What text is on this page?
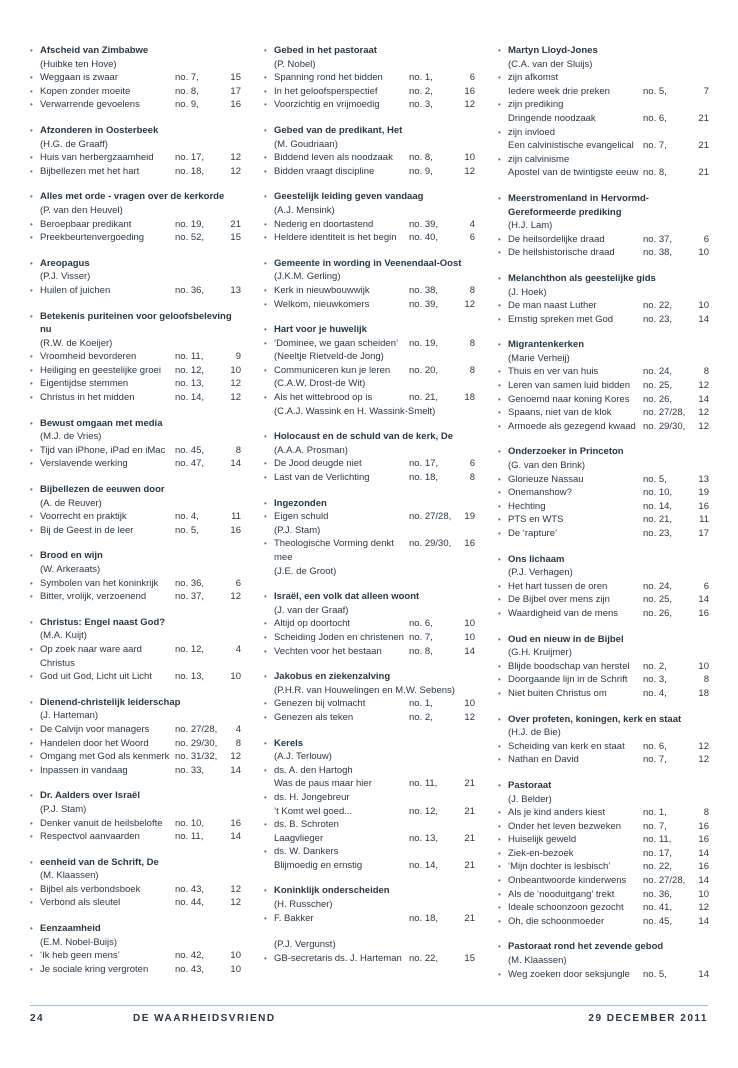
• Afscheid van Zimbabwe
(Huibke ten Hove)
• Weggaan is zwaar	no. 7,	15
• Kopen zonder moeite	no. 8,	17
• Verwarrende gevoelens	no. 9,	16
• Afzonderen in Oosterbeek
(H.G. de Graaff)
• Huis van herbergzaamheid	no. 17,	12
• Bijbellezen met het hart	no. 18,	12
• Alles met orde - vragen over de kerkorde
(P. van den Heuvel)
• Beroepbaar predikant	no. 19,	21
• Preekbeurtenvergoeding	no. 52,	15
• Areopagus
(P.J. Visser)
• Huilen of juichen	no. 36,	13
• Betekenis puriteinen voor geloofsbeleving nu
(R.W. de Koeijer)
• Vroomheid bevorderen	no. 11,	9
• Heiliging en geestelijke groei	no. 12,	10
• Eigentijdse stemmen	no. 13,	12
• Christus in het midden	no. 14,	12
• Bewust omgaan met media
(M.J. de Vries)
• Tijd van iPhone, iPad en iMac	no. 45,	8
• Verslavende werking	no. 47,	14
• Bijbellezen de eeuwen door
(A. de Reuver)
• Voorrecht en praktijk	no. 4,	11
• Bij de Geest in de leer	no. 5,	16
• Brood en wijn
(W. Arkeraats)
• Symbolen van het koninkrijk	no. 36,	6
• Bitter, vrolijk, verzoenend	no. 37,	12
• Christus: Engel naast God?
(M.A. Kuijt)
• Op zoek naar ware aard Christus
no. 12,	4
• God uit God, Licht uit Licht	no. 13,	10
• Dienend-christelijk leiderschap
(J. Harteman)
• De Calvijn voor managers	no. 27/28,	4
• Handelen door het Woord	no. 29/30,	8
• Omgang met God als kenmerk no. 31/32,	12
• Inpassen in vandaag	no. 33,	14
• Dr. Aalders over Israël
(P.J. Stam)
• Denker vanuit de heilsbelofte	no. 10,	16
• Respectvol aanvaarden	no. 11,	14
• eenheid van de Schrift, De
(M. Klaassen)
• Bijbel als verbondsboek	no. 43,	12
• Verbond als sleutel	no. 44,	12
• Eenzaamheid
(E.M. Nobel-Buijs)
• ‘Ik heb geen mens’	no. 42,	10
• Je sociale kring vergroten	no. 43,	10
• Gebed in het pastoraat
(P. Nobel)
• Spanning rond het bidden	no. 1,	6
• In het geloofsperspectief	no. 2,	16
• Voorzichtig en vrijmoedig	no. 3,	12
• Gebed van de predikant, Het
(M. Goudriaan)
• Biddend leven als noodzaak	no. 8,	10
• Bidden vraagt discipline	no. 9,	12
• Geestelijk leiding geven vandaag
(A.J. Mensink)
• Nederig en doortastend	no. 39,	4
• Heldere identiteit is het begin	no. 40,	6
• Gemeente in wording in Veenendaal-Oost
(J.K.M. Gerling)
• Kerk in nieuwbouwwijk	no. 38,	8
• Welkom, nieuwkomers	no. 39,	12
• Hart voor je huwelijk
• ‘Dominee, we gaan scheiden’	no. 19,	8
(Neeltje Rietveld-de Jong)
• Communiceren kun je leren	no. 20,	8
(C.A.W. Drost-de Wit)
• Als het wittebrood op is	no. 21,	18
(C.A.J. Wassink en H. Wassink-Smelt)
• Holocaust en de schuld van de kerk, De
(A.A.A. Prosman)
• De Jood deugde niet	no. 17,	6
• Last van de Verlichting	no. 18,	8
• Ingezonden
• Eigen schuld	no. 27/28,	19
(P.J. Stam)
• Theologische Vorming denkt mee
no. 29/30,	16
(J.E. de Groot)
• Israël, een volk dat alleen woont
(J. van der Graaf)
• Altijd op doortocht	no. 6,	10
• Scheiding Joden en christenen no. 7,	10
• Vechten voor het bestaan	no. 8,	14
• Jakobus en ziekenzalving
(P.H.R. van Houwelingen en M.W. Sebens)
• Genezen bij volmacht	no. 1,	10
• Genezen als teken	no. 2,	12
• Kerels
(A.J. Terlouw)
• ds. A. den Hartogh
Was de paus maar hier	no. 11,	21
• ds. H. Jongebreur
’t Komt wel goed...	no. 12,	21
• ds. B. Schroten
Laagvlieger	no. 13,	21
• ds. W. Dankers
Blijmoedig en ernstig	no. 14,	21
• Koninklijk onderscheiden
(H. Russcher)
• F. Bakker	no. 18,	21
(P.J. Vergunst)
• GB-secretaris ds. J. Harteman no. 22,	15
• Martyn Lloyd-Jones
(C.A. van der Sluijs)
• zijn afkomst
Iedere week drie preken	no. 5,	7
• zijn prediking
Dringende noodzaak	no. 6,	21
• zijn invloed
Een calvinistische evangelical no. 7,	21
• zijn calvinisme
Apostel van de twintigste eeuw no. 8,	21
• Meerstromenland in Hervormd-Gereformeerde prediking
(H.J. Lam)
• De heilsordelijke draad	no. 37,	6
• De heilshistorische draad	no. 38,	10
• Melanchthon als geestelijke gids
(J. Hoek)
• De man naast Luther	no. 22,	10
• Ernstig spreken met God	no. 23,	14
• Migrantenkerken
(Marie Verheij)
• Thuis en ver van huis	no. 24,	8
• Leren van samen luid bidden	no. 25,	12
• Genoemd naar koning Kores	no. 26,	14
• Spaans, niet van de klok	no. 27/28,	12
• Armoede als gezegend kwaad no. 29/30,	12
• Onderzoeker in Princeton
(G. van den Brink)
• Glorieuze Nassau	no. 5,	13
• Onemanshow?	no. 10,	19
• Hechting	no. 14,	16
• PTS en WTS	no. 21,	11
• De ‘rapture’	no. 23,	17
• Ons lichaam
(P.J. Verhagen)
• Het hart tussen de oren	no. 24,	6
• De Bijbel over mens zijn	no. 25,	14
• Waardigheid van de mens	no. 26,	16
• Oud en nieuw in de Bijbel
(G.H. Kruijmer)
• Blijde boodschap van herstel	no. 2,	10
• Doorgaande lijn in de Schrift	no. 3,	8
• Niet buiten Christus om	no. 4,	18
• Over profeten, koningen, kerk en staat
(H.J. de Bie)
• Scheiding van kerk en staat	no. 6,	12
• Nathan en David	no. 7,	12
• Pastoraat
(J. Belder)
• Als je kind anders kiest	no. 1,	8
• Onder het leven bezweken	no. 7,	16
• Huiselijk geweld	no. 11,	16
• Ziek-en-bezoek	no. 17,	14
• ‘Mijn dochter is lesbisch’	no. 22,	16
• Onbeantwoorde kinderwens	no. 27/28,	14
• Als de ‘nooduitgang’ trekt	no. 36,	10
• Ideale schoonzoon gezocht	no. 41,	12
• Oh, die schoonmoeder	no. 45,	14
• Pastoraat rond het zevende gebod
(M. Klaassen)
• Weg zoeken door seksjungle	no. 5,	14
24	DE WAARHEIDSVRIEND	29 DECEMBER 2011
